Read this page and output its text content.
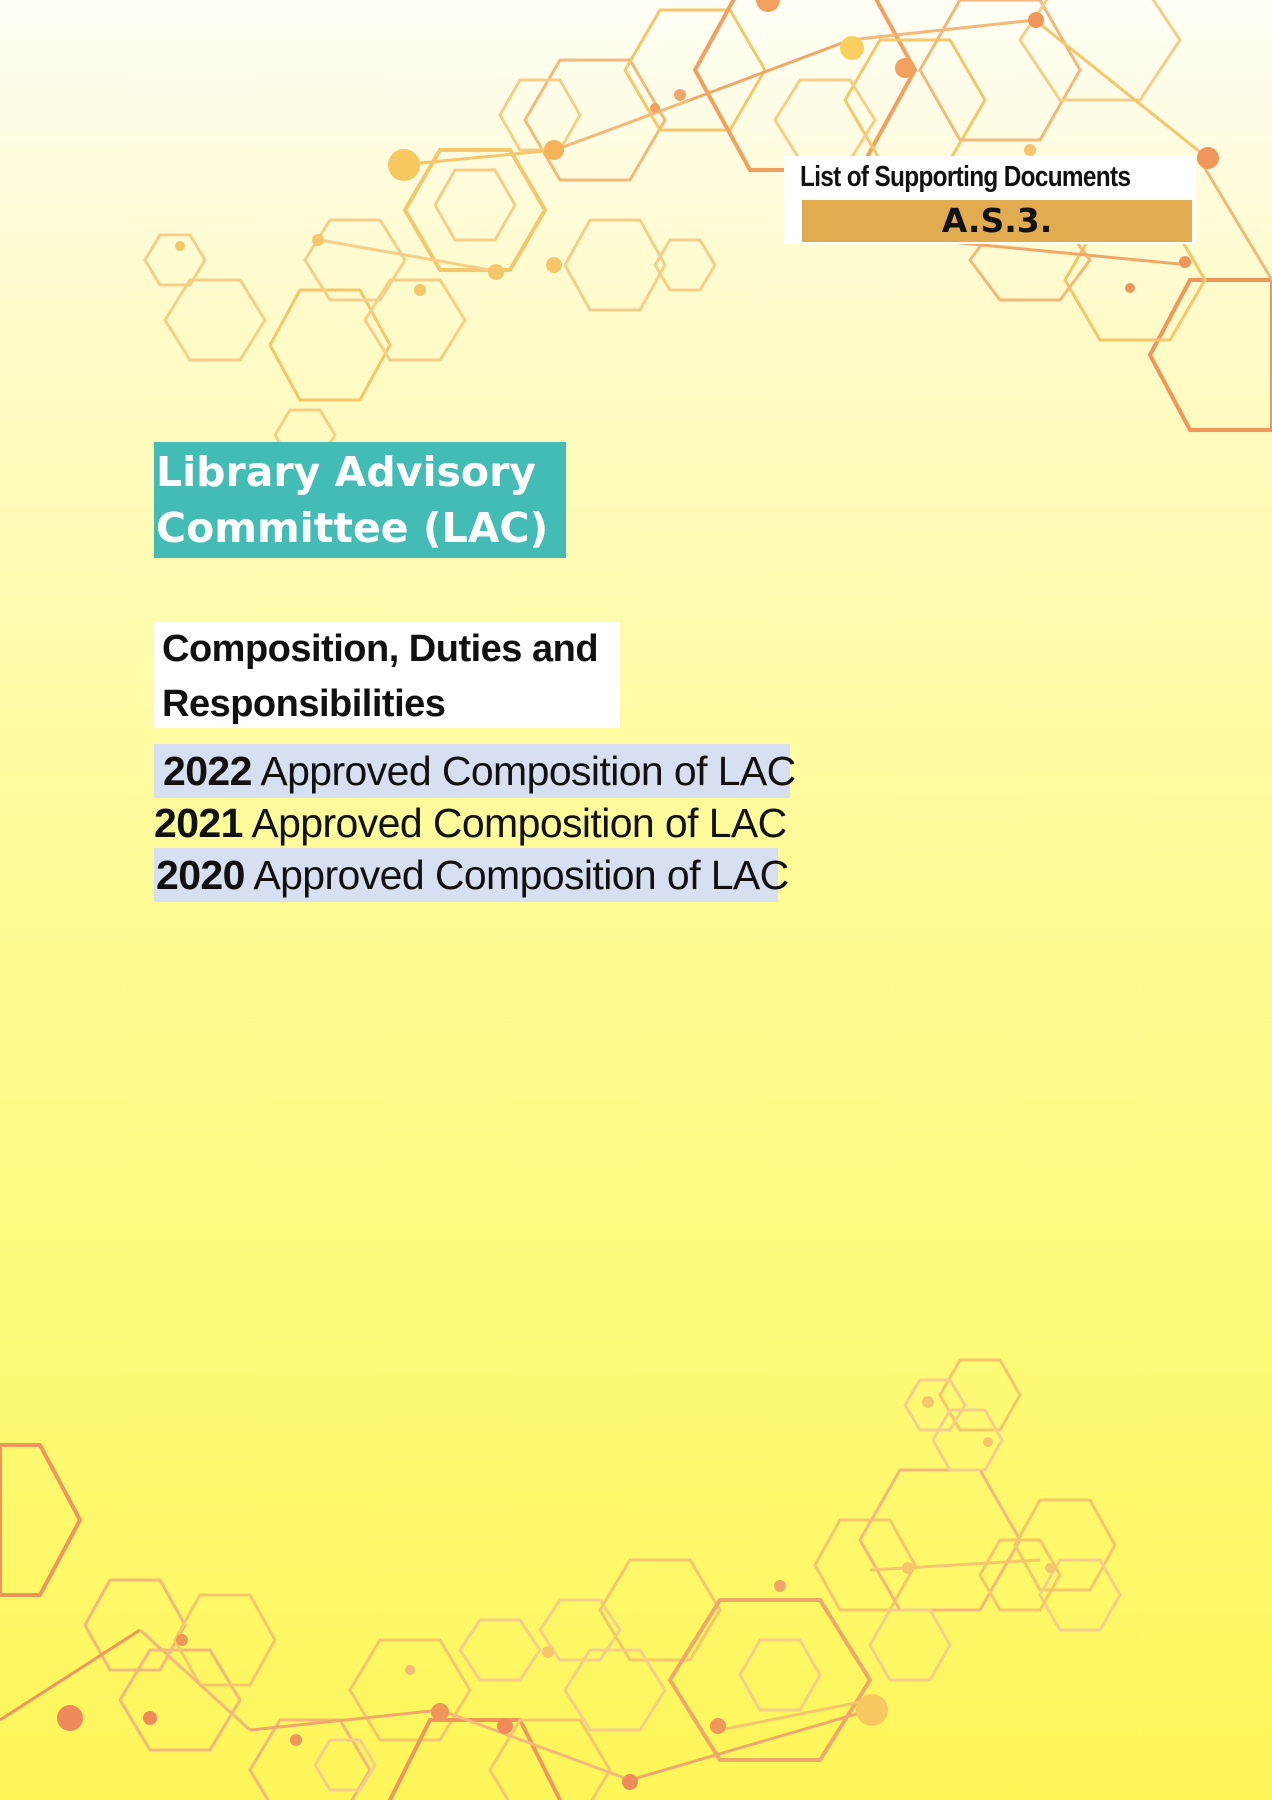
List of Supporting Documents
A.S.3.
Library Advisory
Committee (LAC)
Composition, Duties and
Responsibilities
2022 Approved Composition of LAC
2021 Approved Composition of LAC
2020 Approved Composition of LAC
